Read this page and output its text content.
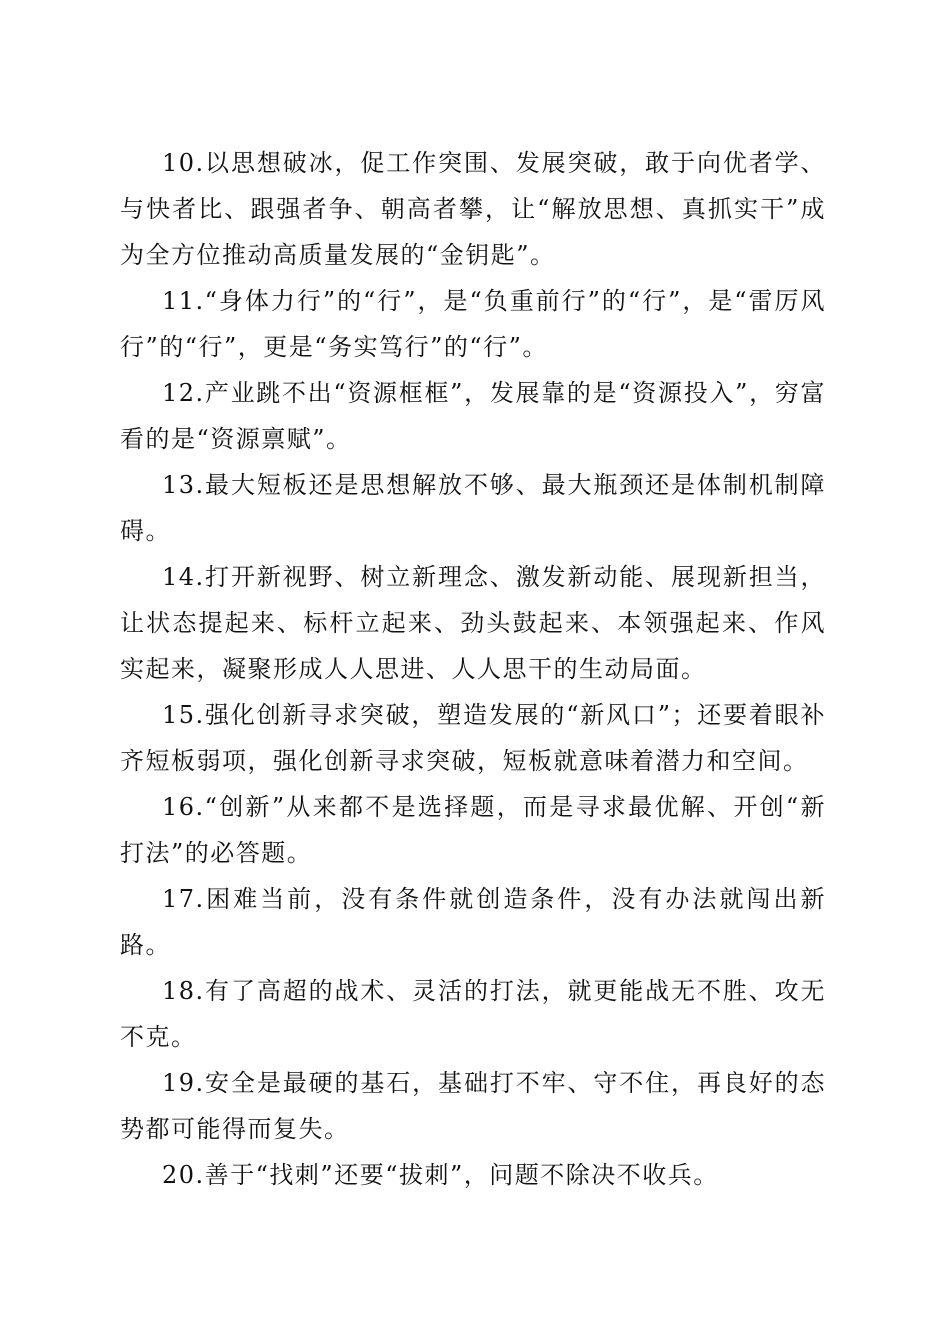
10.以思想破冰，促工作突围、发展突破，敢于向优者学、与快者比、跟强者争、朝高者攀，让“解放思想、真抓实干”成为全方位推动高质量发展的“金钥匙”。

11.“身体力行”的“行”，是“负重前行”的“行”，是“雷厉风行”的“行”，更是“务实笃行”的“行”。

12.产业跳不出“资源框框”，发展靠的是“资源投入”，穷富看的是“资源禀赋”。

13.最大短板还是思想解放不够、最大瓶颈还是体制机制障碍。

14.打开新视野、树立新理念、激发新动能、展现新担当，让状态提起来、标杆立起来、劲头鼓起来、本领强起来、作风实起来，凝聚形成人人思进、人人思干的生动局面。

15.强化创新寻求突破，塑造发展的“新风口”；还要着眼补齐短板弱项，强化创新寻求突破，短板就意味着潜力和空间。

16.“创新”从来都不是选择题，而是寻求最优解、开创“新打法”的必答题。

17.困难当前，没有条件就创造条件，没有办法就闯出新路。

18.有了高超的战术、灵活的打法，就更能战无不胜、攻无不克。

19.安全是最硬的基石，基础打不牢、守不住，再良好的态势都可能得而复失。

20.善于“找刺”还要“拔刺”，问题不除决不收兵。
